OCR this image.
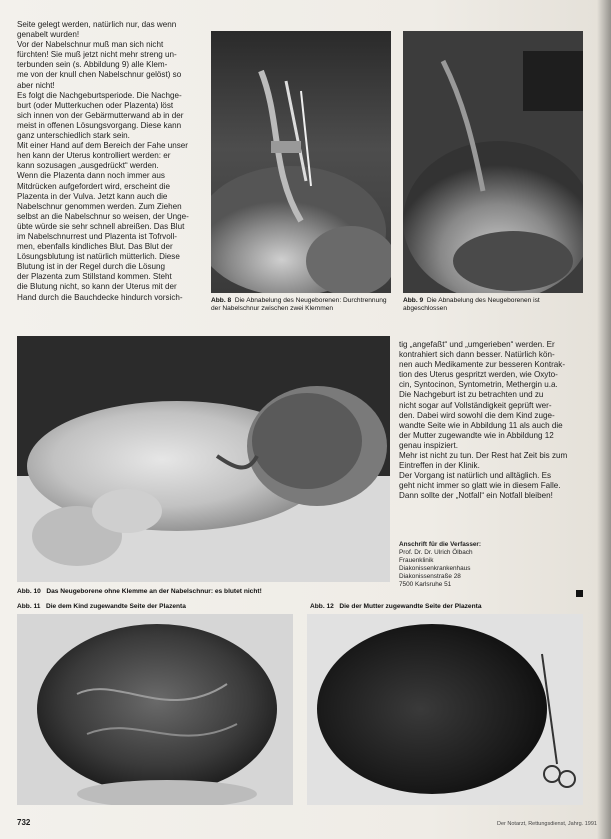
Seite gelegt werden, natürlich nur, das wenn

genabelt wurden!

Vor der Nabelschnur muß man sich nicht

fürchten! Sie muß jetzt nicht mehr streng un-

terbunden sein (s. Abbildung 9) alle Klem-

me von der knull chen Nabelschnur gelöst) so

aber nicht!

Es folgt die Nachgeburtsperiode. Die Nachge-

burt (oder Mutterkuchen oder Plazenta) löst

sich innen von der Gebärmutterwand ab in der

meist in offenen Lösungsvorgang. Diese kann

ganz unterschiedlich stark sein.

Mit einer Hand auf dem Bereich der Fahe unser

hen kann der Uterus kontrolliert werden: er

kann sozusagen „ausgedrückt“ werden.

Wenn die Plazenta dann noch immer aus

Mitdrücken aufgefordert wird, erscheint die

Plazenta in der Vulva. Jetzt kann auch die

Nabelschnur genommen werden. Zum Ziehen

selbst an die Nabelschnur so weisen, der Unge-

übte würde sie sehr schnell abreißen. Das Blut

im Nabelschnurrest und Plazenta ist Tofrvoll-

men, ebenfalls kindliches Blut. Das Blut der

Lösungsblutung ist natürlich mütterlich. Diese

Blutung ist in der Regel durch die Lösung

der Plazenta zum Stillstand kommen. Steht

die Blutung nicht, so kann der Uterus mit der

Hand durch die Bauchdecke hindurch vorsich-	Abb. 8 Die Abnabelung des Neugeborenen: Durchtrennung der Nabelschnur zwischen zwei Klemmen
Abb. 9 Die Abnabelung des Neugeborenen ist abgeschlossen

tig „angefaßt“ und „umgerieben“ werden. Er

kontrahiert sich dann besser. Natürlich kön-

nen auch Medikamente zur besseren Kontrak-

tion des Uterus gespritzt werden, wie Oxyto-

cin, Syntocinon, Syntometrin, Methergin u.a.

Die Nachgeburt ist zu betrachten und zu

nicht sogar auf Vollständigkeit geprüft wer-

den. Dabei wird sowohl die dem Kind zuge-

wandte Seite wie in Abbildung 11 als auch die

der Mutter zugewandte wie in Abbildung 12

genau inspiziert.

Mehr ist nicht zu tun. Der Rest hat Zeit bis zum

Eintreffen in der Klinik.

Der Vorgang ist natürlich und alltäglich. Es

geht nicht immer so glatt wie in diesem Falle.

Dann sollte der „Notfall“ ein Notfall bleiben!

Anschrift für die Verfasser:
Prof. Dr. Dr. Ulrich Ölbach
Frauenklinik
Diakonissenkrankenhaus
Diakonissenstraße 28
7500 Karlsruhe 51
Abb. 10 Das Neugeborene ohne Klemme an der Nabelschnur: es blutet nicht!
Abb. 11 Die dem Kind zugewandte Seite der Plazenta	Abb. 12 Die der Mutter zugewandte Seite der Plazenta
732	Der Notarzt, Rettungsdienst, Jahrg. 1991
